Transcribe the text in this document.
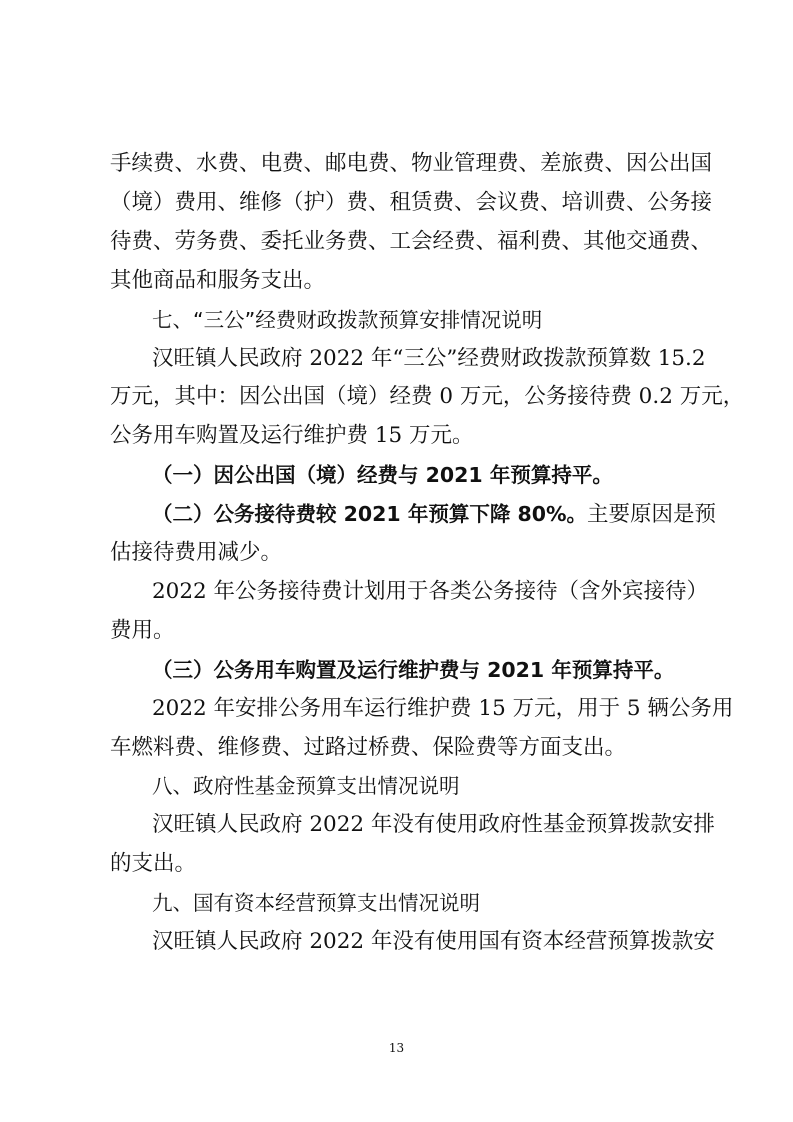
手续费、水费、电费、邮电费、物业管理费、差旅费、因公出国
（境）费用、维修（护）费、租赁费、会议费、培训费、公务接
待费、劳务费、委托业务费、工会经费、福利费、其他交通费、
其他商品和服务支出。
七、“三公”经费财政拨款预算安排情况说明
汉旺镇人民政府 2022 年“三公”经费财政拨款预算数 15.2
万元，其中：因公出国（境）经费 0 万元，公务接待费 0.2 万元，
公务用车购置及运行维护费 15 万元。
（一）因公出国（境）经费与 2021 年预算持平。
（二）公务接待费较 2021 年预算下降 80%。主要原因是预
估接待费用减少。
2022 年公务接待费计划用于各类公务接待（含外宾接待）
费用。
（三）公务用车购置及运行维护费与 2021 年预算持平。
2022 年安排公务用车运行维护费 15 万元，用于 5 辆公务用
车燃料费、维修费、过路过桥费、保险费等方面支出。
八、政府性基金预算支出情况说明
汉旺镇人民政府 2022 年没有使用政府性基金预算拨款安排
的支出。
九、国有资本经营预算支出情况说明
汉旺镇人民政府 2022 年没有使用国有资本经营预算拨款安
13
